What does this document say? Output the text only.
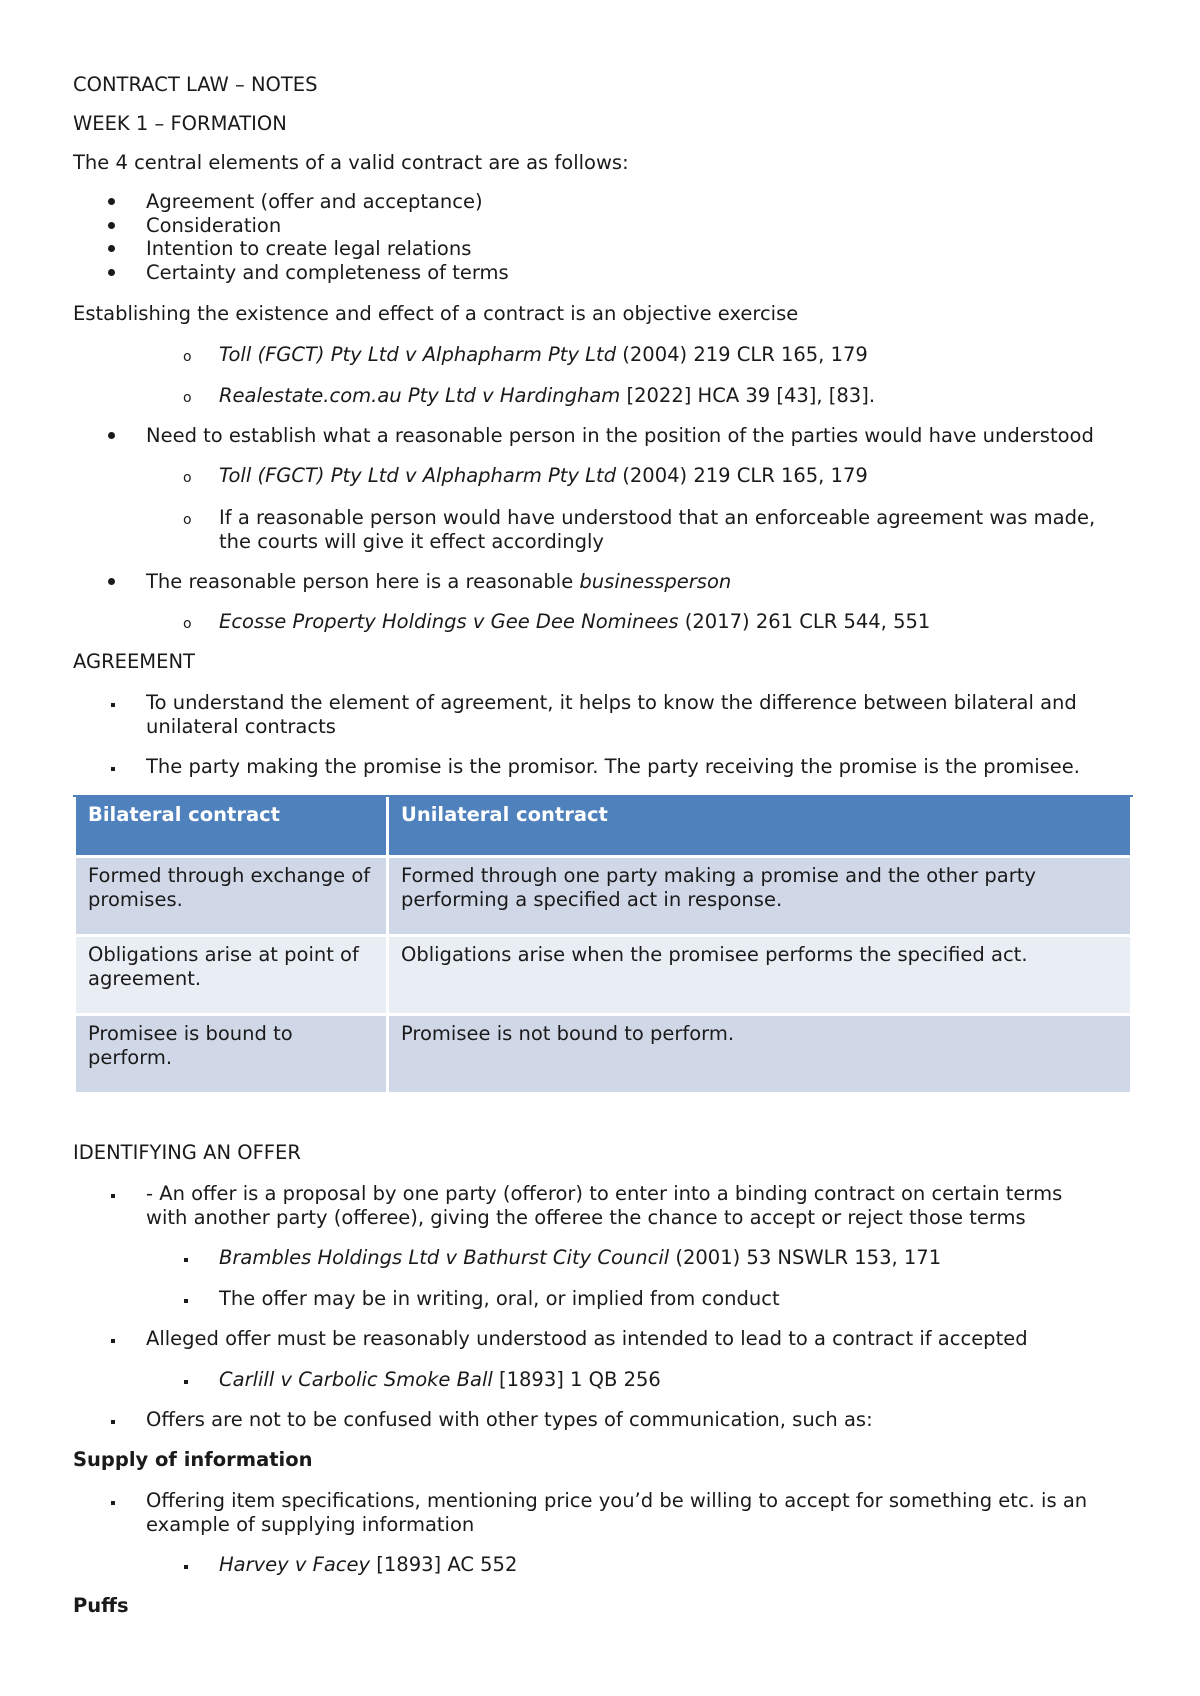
CONTRACT LAW – NOTES

WEEK 1 – FORMATION

The 4 central elements of a valid contract are as follows:

Agreement (offer and acceptance)

Consideration

Intention to create legal relations

Certainty and completeness of terms

Establishing the existence and effect of a contract is an objective exercise

o Toll (FGCT) Pty Ltd v Alphapharm Pty Ltd (2004) 219 CLR 165, 179

o Realestate.com.au Pty Ltd v Hardingham [2022] HCA 39 [43], [83].

Need to establish what a reasonable person in the position of the parties would have understood

o Toll (FGCT) Pty Ltd v Alphapharm Pty Ltd (2004) 219 CLR 165, 179

o If a reasonable person would have understood that an enforceable agreement was made,

the courts will give it effect accordingly

The reasonable person here is a reasonable businessperson

o Ecosse Property Holdings v Gee Dee Nominees (2017) 261 CLR 544, 551

AGREEMENT

To understand the element of agreement, it helps to know the difference between bilateral and

unilateral contracts

The party making the promise is the promisor. The party receiving the promise is the promisee.

Bilateral contract	Unilateral contract
Formed through exchange of promises.	Formed through one party making a promise and the other party performing a specified act in response.
Obligations arise at point of agreement.	Obligations arise when the promisee performs the specified act.
Promisee is bound to perform.	Promisee is not bound to perform.

IDENTIFYING AN OFFER

- An offer is a proposal by one party (offeror) to enter into a binding contract on certain terms

with another party (offeree), giving the offeree the chance to accept or reject those terms

Brambles Holdings Ltd v Bathurst City Council (2001) 53 NSWLR 153, 171

The offer may be in writing, oral, or implied from conduct

Alleged offer must be reasonably understood as intended to lead to a contract if accepted

Carlill v Carbolic Smoke Ball [1893] 1 QB 256

Offers are not to be confused with other types of communication, such as:

Supply of information

Offering item specifications, mentioning price you’d be willing to accept for something etc. is an

example of supplying information

Harvey v Facey [1893] AC 552

Puffs
